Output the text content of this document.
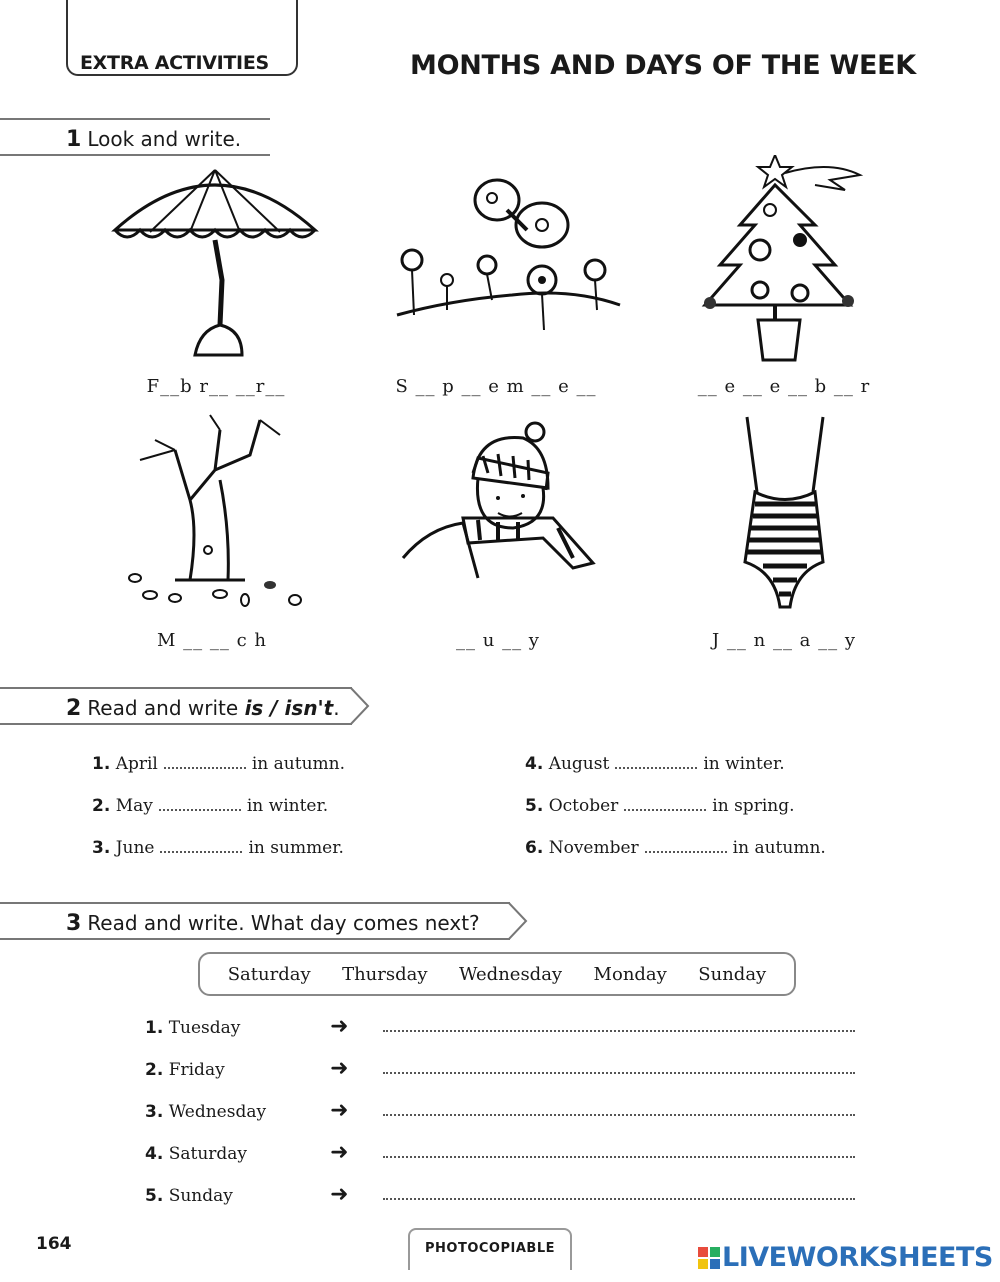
EXTRA ACTIVITIES	MONTHS AND DAYS OF THE WEEK
1 Look and write.
F__b r__ __r__	S __ p __ e m __ e __	__ e __ e __ b __ r
M __ __ c h	__ u __ y	J __ n __ a __ y
2 Read and write is / isn't.
1. April	in autumn.
2. May	in winter.
3. June	in summer.
4. August	in winter.
5. October	in spring.
6. November	in autumn.
3 Read and write. What day comes next?
Saturday Thursday Wednesday Monday Sunday
1. Tuesday	➜
2. Friday	➜
3. Wednesday	➜
4. Saturday	➜
5. Sunday	➜
164	PHOTOCOPIABLE	LIVEWORKSHEETS
